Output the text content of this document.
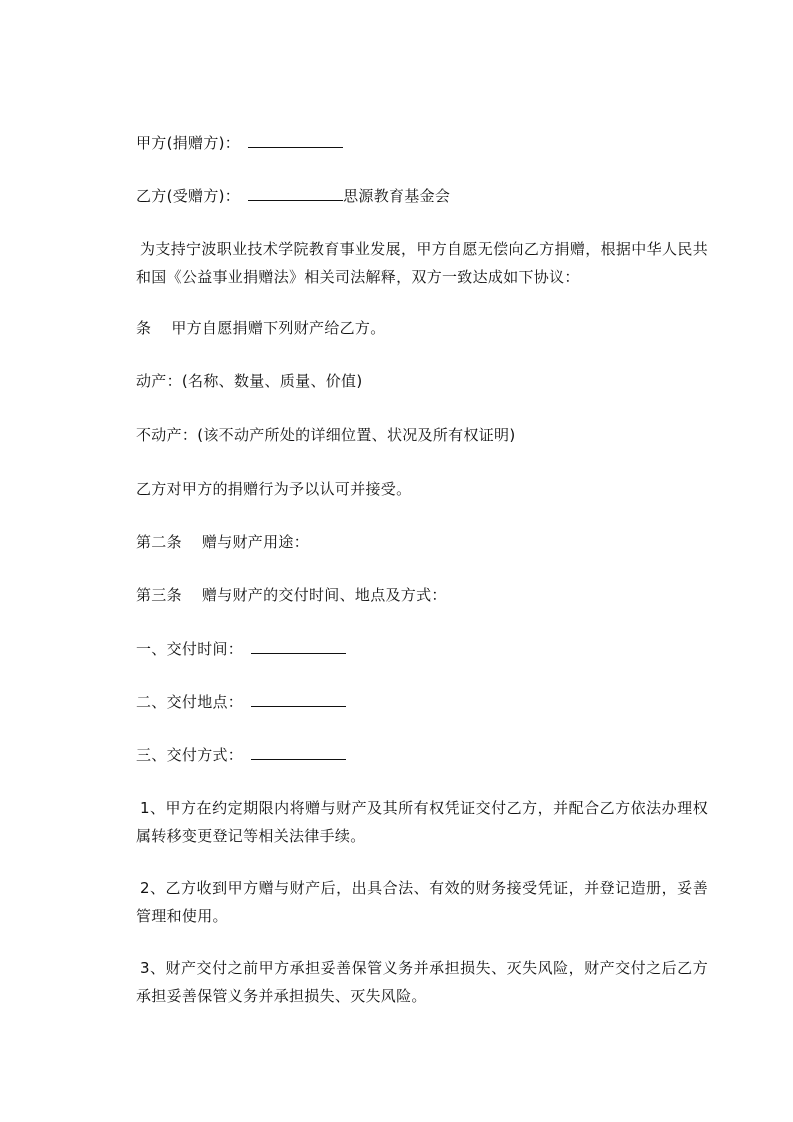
甲方(捐赠方)：
乙方(受赠方)：	思源教育基金会
为支持宁波职业技术学院教育事业发展，甲方自愿无偿向乙方捐赠，根据中华人民共和国《公益事业捐赠法》相关司法解释，双方一致达成如下协议：
条 甲方自愿捐赠下列财产给乙方。
动产：(名称、数量、质量、价值)
不动产：(该不动产所处的详细位置、状况及所有权证明)
乙方对甲方的捐赠行为予以认可并接受。
第二条 赠与财产用途：
第三条 赠与财产的交付时间、地点及方式：
一、交付时间：
二、交付地点：
三、交付方式：
1、甲方在约定期限内将赠与财产及其所有权凭证交付乙方，并配合乙方依法办理权属转移变更登记等相关法律手续。
2、乙方收到甲方赠与财产后，出具合法、有效的财务接受凭证，并登记造册，妥善管理和使用。
3、财产交付之前甲方承担妥善保管义务并承担损失、灭失风险，财产交付之后乙方承担妥善保管义务并承担损失、灭失风险。
